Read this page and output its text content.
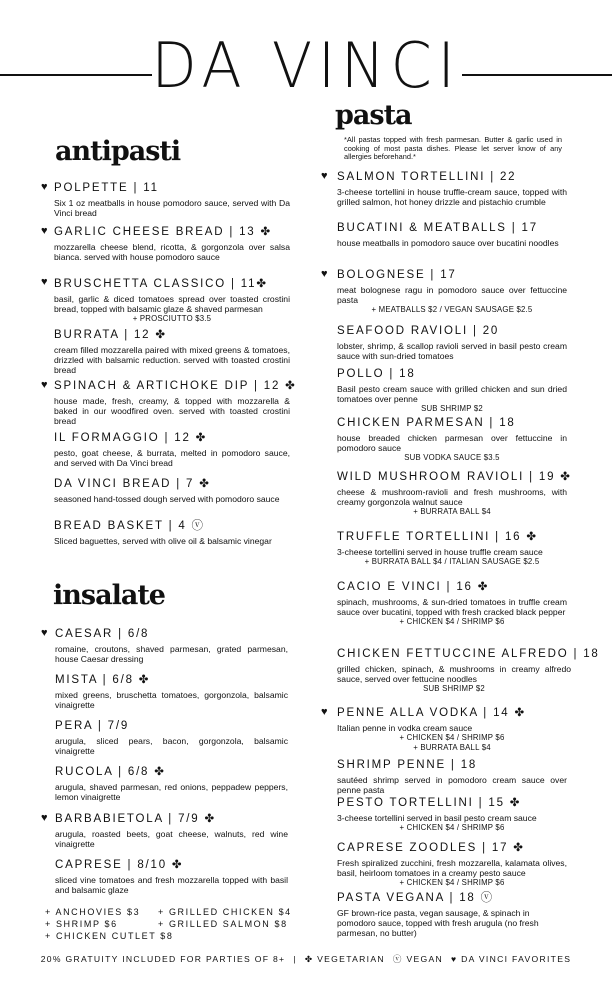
DA VINCI
antipasti
POLPETTE | 11
Six 1 oz meatballs in house pomodoro sauce, served with Da Vinci bread
♥
GARLIC CHEESE BREAD | 13 ✤
mozzarella cheese blend, ricotta, & gorgonzola over salsa bianca. served with house pomodoro sauce
♥
BRUSCHETTA CLASSICO | 11✤
basil, garlic & diced tomatoes spread over toasted crostini bread, topped with balsamic glaze & shaved parmesan
+ PROSCIUTTO $3.5
♥
BURRATA | 12 ✤
cream filled mozzarella paired with mixed greens & tomatoes, drizzled with balsamic reduction. served with toasted crostini bread
SPINACH & ARTICHOKE DIP | 12 ✤
house made, fresh, creamy, & topped with mozzarella & baked in our woodfired oven. served with toasted crostini bread
♥
IL FORMAGGIO | 12 ✤
pesto, goat cheese, & burrata, melted in pomodoro sauce, and served with Da Vinci bread
DA VINCI BREAD | 7 ✤
seasoned hand-tossed dough served with pomodoro sauce
BREAD BASKET | 4 ⓥ
Sliced baguettes, served with olive oil & balsamic vinegar
insalate
CAESAR | 6/8
romaine, croutons, shaved parmesan, grated parmesan, house Caesar dressing
♥
MISTA | 6/8 ✤
mixed greens, bruschetta tomatoes, gorgonzola, balsamic vinaigrette
PERA | 7/9
arugula, sliced pears, bacon, gorgonzola, balsamic vinaigrette
RUCOLA | 6/8 ✤
arugula, shaved parmesan, red onions, peppadew peppers, lemon vinaigrette
BARBABIETOLA | 7/9 ✤
arugula, roasted beets, goat cheese, walnuts, red wine vinaigrette
♥
CAPRESE | 8/10 ✤
sliced vine tomatoes and fresh mozzarella topped with basil and balsamic glaze
+ ANCHOVIES $3 + GRILLED CHICKEN $4
+ SHRIMP $6	+ GRILLED SALMON $8
+ CHICKEN CUTLET $8
pasta
*All pastas topped with fresh parmesan. Butter & garlic used in cooking of most pasta dishes. Please let server know of any allergies beforehand.*
SALMON TORTELLINI | 22
3-cheese tortellini in house truffle-cream sauce, topped with grilled salmon, hot honey drizzle and pistachio crumble
♥
BUCATINI & MEATBALLS | 17
house meatballs in pomodoro sauce over bucatini noodles
BOLOGNESE | 17
meat bolognese ragu in pomodoro sauce over fettuccine pasta
+ MEATBALLS $2 / VEGAN SAUSAGE $2.5
♥
SEAFOOD RAVIOLI | 20
lobster, shrimp, & scallop ravioli served in basil pesto cream sauce with sun-dried tomatoes
POLLO | 18
Basil pesto cream sauce with grilled chicken and sun dried tomatoes over penne
SUB SHRIMP $2
CHICKEN PARMESAN | 18
house breaded chicken parmesan over fettuccine in pomodoro sauce
SUB VODKA SAUCE $3.5
WILD MUSHROOM RAVIOLI | 19 ✤
cheese & mushroom-ravioli and fresh mushrooms, with creamy gorgonzola walnut sauce
+ BURRATA BALL $4
TRUFFLE TORTELLINI | 16 ✤
3-cheese tortellini served in house truffle cream sauce
+ BURRATA BALL $4 / ITALIAN SAUSAGE $2.5
CACIO E VINCI | 16 ✤
spinach, mushrooms, & sun-dried tomatoes in truffle cream sauce over bucatini, topped with fresh cracked black pepper
+ CHICKEN $4 / SHRIMP $6
CHICKEN FETTUCCINE ALFREDO | 18
grilled chicken, spinach, & mushrooms in creamy alfredo sauce, served over fettucine noodles
SUB SHRIMP $2
PENNE ALLA VODKA | 14 ✤
Italian penne in vodka cream sauce
+ CHICKEN $4 / SHRIMP $6
+ BURRATA BALL $4
♥
SHRIMP PENNE | 18
sautéed shrimp served in pomodoro cream sauce over penne pasta
PESTO TORTELLINI | 15 ✤
3-cheese tortellini served in basil pesto cream sauce
+ CHICKEN $4 / SHRIMP $6
CAPRESE ZOODLES | 17 ✤
Fresh spiralized zucchini, fresh mozzarella, kalamata olives, basil, heirloom tomatoes in a creamy pesto sauce
+ CHICKEN $4 / SHRIMP $6
PASTA VEGANA | 18 ⓥ
GF brown-rice pasta, vegan sausage, & spinach in pomodoro sauce, topped with fresh arugula (no fresh parmesan, no butter)
20% GRATUITY INCLUDED FOR PARTIES OF 8+ | ✤ VEGETARIAN ⓥ VEGAN ♥ DA VINCI FAVORITES
